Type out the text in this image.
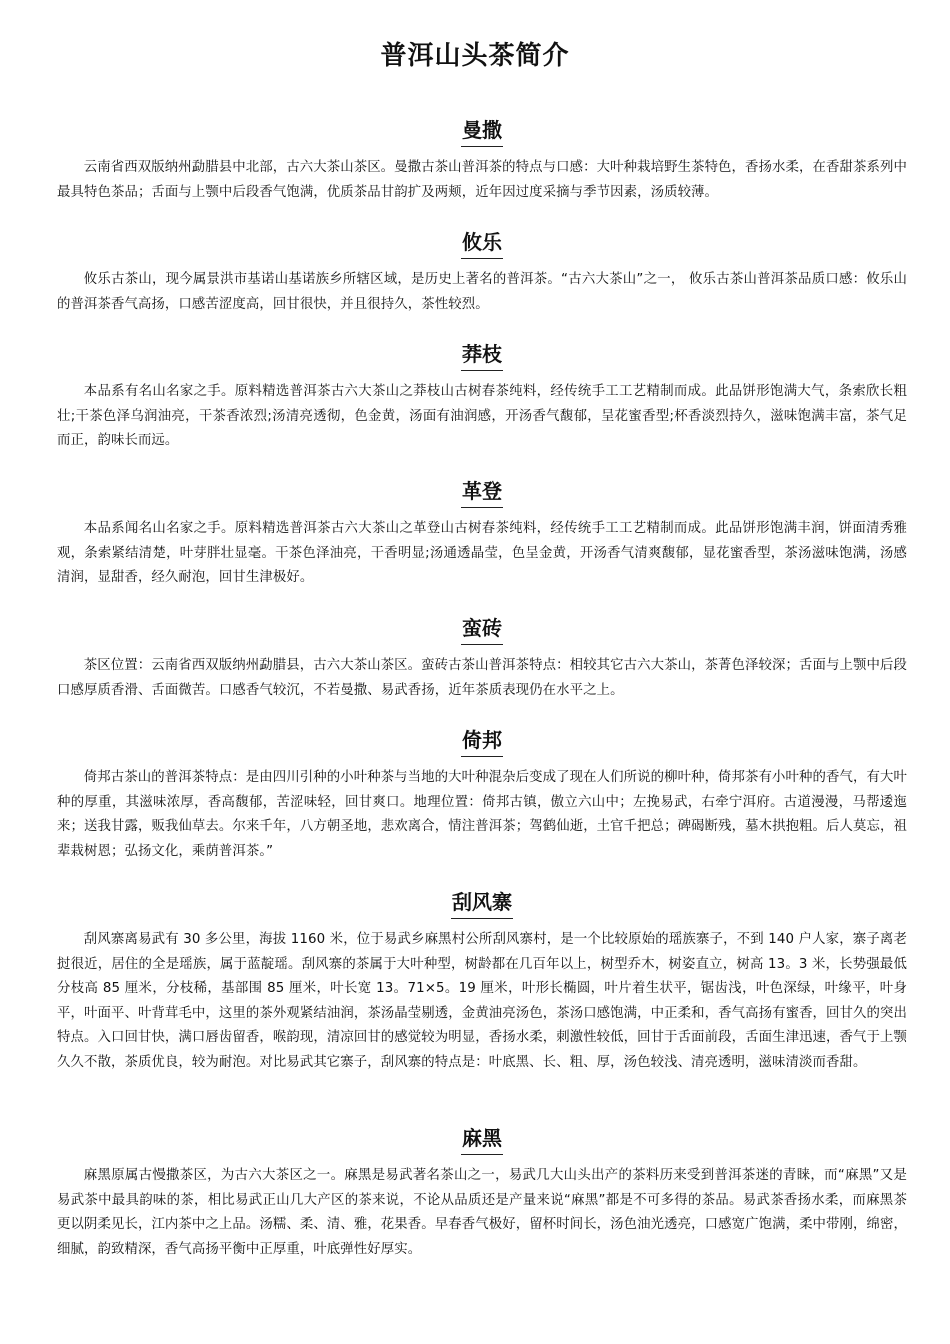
普洱山头茶简介
曼撒

云南省西双版纳州勐腊县中北部，古六大茶山茶区。曼撒古茶山普洱茶的特点与口感：大叶种栽培野生茶特色，香扬水柔，在香甜茶系列中最具特色茶品；舌面与上颚中后段香气饱满，优质茶品甘韵扩及两颊，近年因过度采摘与季节因素，汤质较薄。

攸乐

攸乐古茶山，现今属景洪市基诺山基诺族乡所辖区域，是历史上著名的普洱茶。“古六大茶山”之一， 攸乐古茶山普洱茶品质口感：攸乐山的普洱茶香气高扬，口感苦涩度高，回甘很快，并且很持久，茶性较烈。

莽枝

本品系有名山名家之手。原料精选普洱茶古六大茶山之莽枝山古树春茶纯料，经传统手工工艺精制而成。此品饼形饱满大气，条索欣长粗壮;干茶色泽乌润油亮，干茶香浓烈;汤清亮透彻，色金黄，汤面有油润感，开汤香气馥郁，呈花蜜香型;杯香淡烈持久，滋味饱满丰富，茶气足而正，韵味长而远。

革登

本品系闻名山名家之手。原料精选普洱茶古六大茶山之革登山古树春茶纯料，经传统手工工艺精制而成。此品饼形饱满丰润，饼面清秀雅观，条索紧结清楚，叶芽胖壮显毫。干茶色泽油亮，干香明显;汤通透晶莹，色呈金黄，开汤香气清爽馥郁，显花蜜香型，茶汤滋味饱满，汤感清润，显甜香，经久耐泡，回甘生津极好。

蛮砖

茶区位置：云南省西双版纳州勐腊县，古六大茶山茶区。蛮砖古茶山普洱茶特点：相较其它古六大茶山，茶菁色泽较深；舌面与上颚中后段口感厚质香滑、舌面微苦。口感香气较沉，不若曼撒、易武香扬，近年茶质表现仍在水平之上。

倚邦

倚邦古茶山的普洱茶特点：是由四川引种的小叶种茶与当地的大叶种混杂后变成了现在人们所说的柳叶种，倚邦茶有小叶种的香气，有大叶种的厚重，其滋味浓厚，香高馥郁，苦涩味轻，回甘爽口。地理位置：倚邦古镇，傲立六山中；左挽易武，右牵宁洱府。古道漫漫，马帮逶迤来；送我甘露，贩我仙草去。尔来千年，八方朝圣地，悲欢离合，情注普洱茶；驾鹤仙逝，土官千把总；碑碣断残，墓木拱抱粗。后人莫忘，祖辈栽树恩；弘扬文化，乘荫普洱茶。”

刮风寨

刮风寨离易武有 30 多公里，海拔 1160 米，位于易武乡麻黑村公所刮风寨村，是一个比较原始的瑶族寨子，不到 140 户人家，寨子离老挝很近，居住的全是瑶族，属于蓝靛瑶。刮风寨的茶属于大叶种型，树龄都在几百年以上，树型乔木，树姿直立，树高 13。3 米，长势强最低分枝高 85 厘米，分枝稀，基部围 85 厘米，叶长宽 13。71×5。19 厘米，叶形长椭圆，叶片着生状平，锯齿浅，叶色深绿，叶缘平，叶身平，叶面平、叶背茸毛中，这里的茶外观紧结油润，茶汤晶莹剔透，金黄油亮汤色，茶汤口感饱满，中正柔和，香气高扬有蜜香，回甘久的突出特点。入口回甘快，满口唇齿留香，喉韵现，清凉回甘的感觉较为明显，香扬水柔，刺激性较低，回甘于舌面前段，舌面生津迅速，香气于上颚久久不散，茶质优良，较为耐泡。对比易武其它寨子，刮风寨的特点是：叶底黑、长、粗、厚，汤色较浅、清亮透明，滋味清淡而香甜。

麻黑

麻黑原属古慢撒茶区，为古六大茶区之一。麻黑是易武著名茶山之一，易武几大山头出产的茶料历来受到普洱茶迷的青睐，而“麻黑”又是易武茶中最具韵味的茶，相比易武正山几大产区的茶来说，不论从品质还是产量来说“麻黑”都是不可多得的茶品。易武茶香扬水柔，而麻黑茶更以阴柔见长，江内茶中之上品。汤糯、柔、清、雅，花果香。早春香气极好，留杯时间长，汤色油光透亮，口感宽广饱满，柔中带刚，绵密，细腻，韵致精深，香气高扬平衡中正厚重，叶底弹性好厚实。
